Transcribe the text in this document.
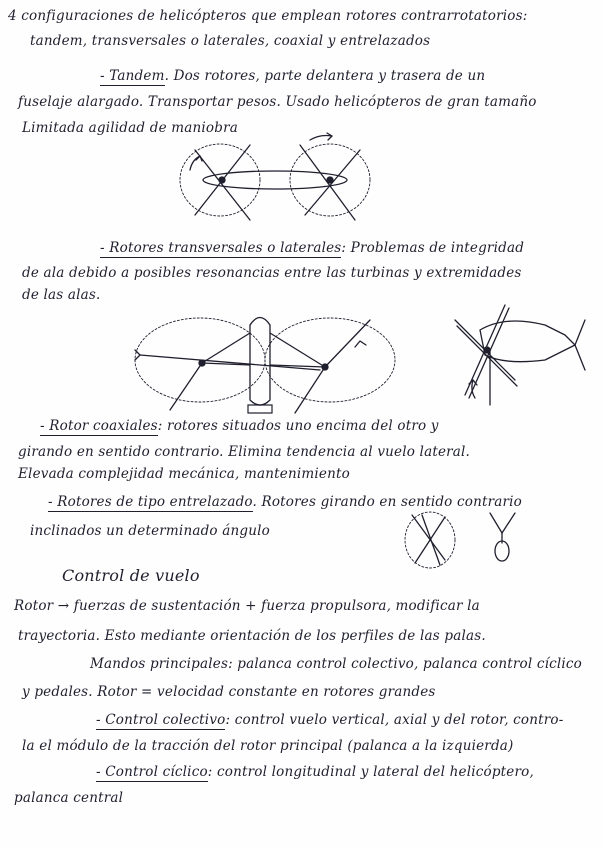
4 configuraciones de helicópteros que emplean rotores contrarrotatorios:
tandem, transversales o laterales, coaxial y entrelazados
- Tandem. Dos rotores, parte delantera y trasera de un
fuselaje alargado. Transportar pesos. Usado helicópteros de gran tamaño
Limitada agilidad de maniobra
- Rotores transversales o laterales: Problemas de integridad
de ala debido a posibles resonancias entre las turbinas y extremidades
de las alas.
- Rotor coaxiales: rotores situados uno encima del otro y
girando en sentido contrario. Elimina tendencia al vuelo lateral.
Elevada complejidad mecánica, mantenimiento
- Rotores de tipo entrelazado. Rotores girando en sentido contrario
inclinados un determinado ángulo
Control de vuelo
Rotor → fuerzas de sustentación + fuerza propulsora, modificar la
trayectoria. Esto mediante orientación de los perfiles de las palas.
Mandos principales: palanca control colectivo, palanca control cíclico
y pedales. Rotor = velocidad constante en rotores grandes
- Control colectivo: control vuelo vertical, axial y del rotor, contro-
la el módulo de la tracción del rotor principal (palanca a la izquierda)
- Control cíclico: control longitudinal y lateral del helicóptero,
palanca central
